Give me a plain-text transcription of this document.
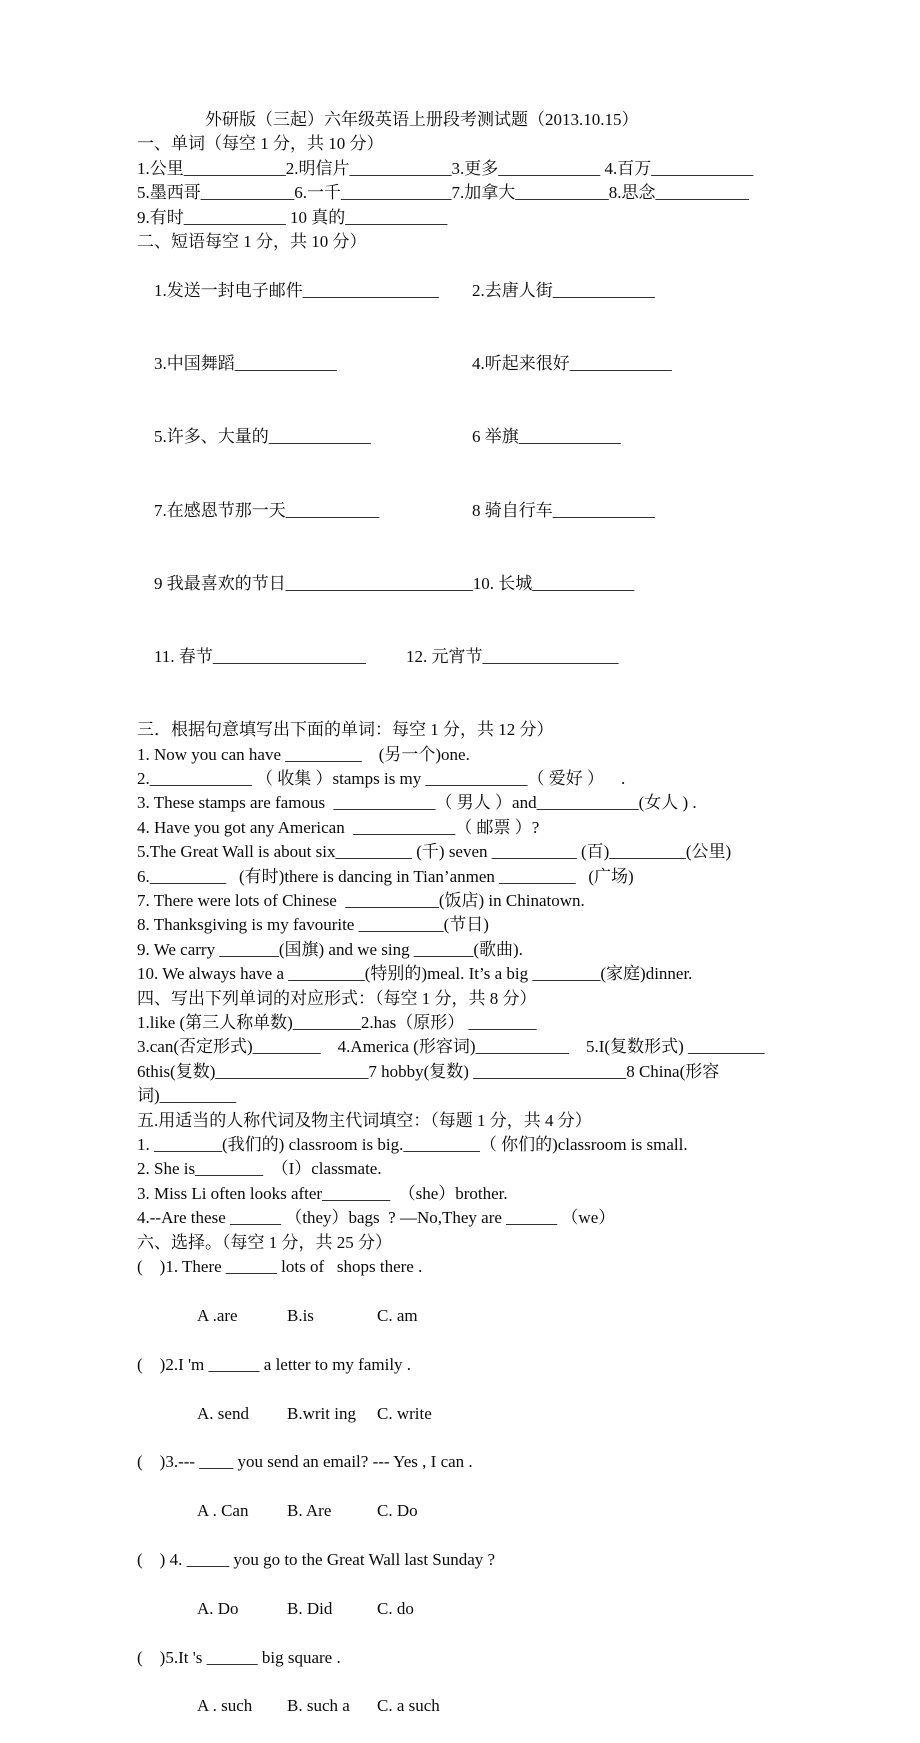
外研版（三起）六年级英语上册段考测试题（2013.10.15）
一、单词（每空 1 分，共 10 分）
1.公里____________2.明信片____________3.更多____________ 4.百万____________
5.墨西哥___________6.一千_____________7.加拿大___________8.思念___________
9.有时____________ 10 真的____________
二、短语每空 1 分，共 10 分）

1.发送一封电子邮件________________ 2.去唐人街____________

3.中国舞蹈____________	4.听起来很好____________

5.许多、大量的____________	6 举旗____________

7.在感恩节那一天___________	8 骑自行车____________

9 我最喜欢的节日______________________10. 长城____________

11. 春节__________________ 12. 元宵节________________

三．根据句意填写出下面的单词：每空 1 分，共 12 分）
1. Now you can have _________    (另一个)one.
2.____________ （ 收集 ）stamps is my ____________（ 爱好 ）    .
3. These stamps are famous  ____________（ 男人 ）and____________(女人 ) .
4. Have you got any American  ____________（ 邮票 ）?
5.The Great Wall is about six_________ (千) seven __________ (百)_________(公里)
6._________   (有时)there is dancing in Tian’anmen _________   (广场)
7. There were lots of Chinese  ___________(饭店) in Chinatown.
8. Thanksgiving is my favourite __________(节日)
9. We carry _______(国旗) and we sing _______(歌曲).
10. We always have a _________(特别的)meal. It’s a big ________(家庭)dinner.
四、写出下列单词的对应形式：（每空 1 分，共 8 分）
1.like (第三人称单数)________2.has（原形） ________
3.can(否定形式)________    4.America (形容词)___________    5.I(复数形式) _________
6this(复数)__________________7 hobby(复数) __________________8 China(形容词)_________
五.用适当的人称代词及物主代词填空：（每题 1 分，共 4 分）
1. ________(我们的) classroom is big._________（ 你们的)classroom is small.
2. She is________  （I）classmate.
3. Miss Li often looks after________  （she）brother.
4.--Are these ______ （they）bags  ? —No,They are ______ （we）
六、选择。（每空 1 分，共 25 分）
(    )1. There ______ lots of   shops there .

A .are	B.is	C. am

(    )2.I 'm ______ a letter to my family .

A. send B.writ ing C. write

(    )3.--- ____ you send an email? --- Yes , I can .

A . Can B. Are	C. Do

(    ) 4. _____ you go to the Great Wall last Sunday ?

A. Do	B. Did	C. do

(    )5.It 's ______ big square .

A . such B. such a C. a such
